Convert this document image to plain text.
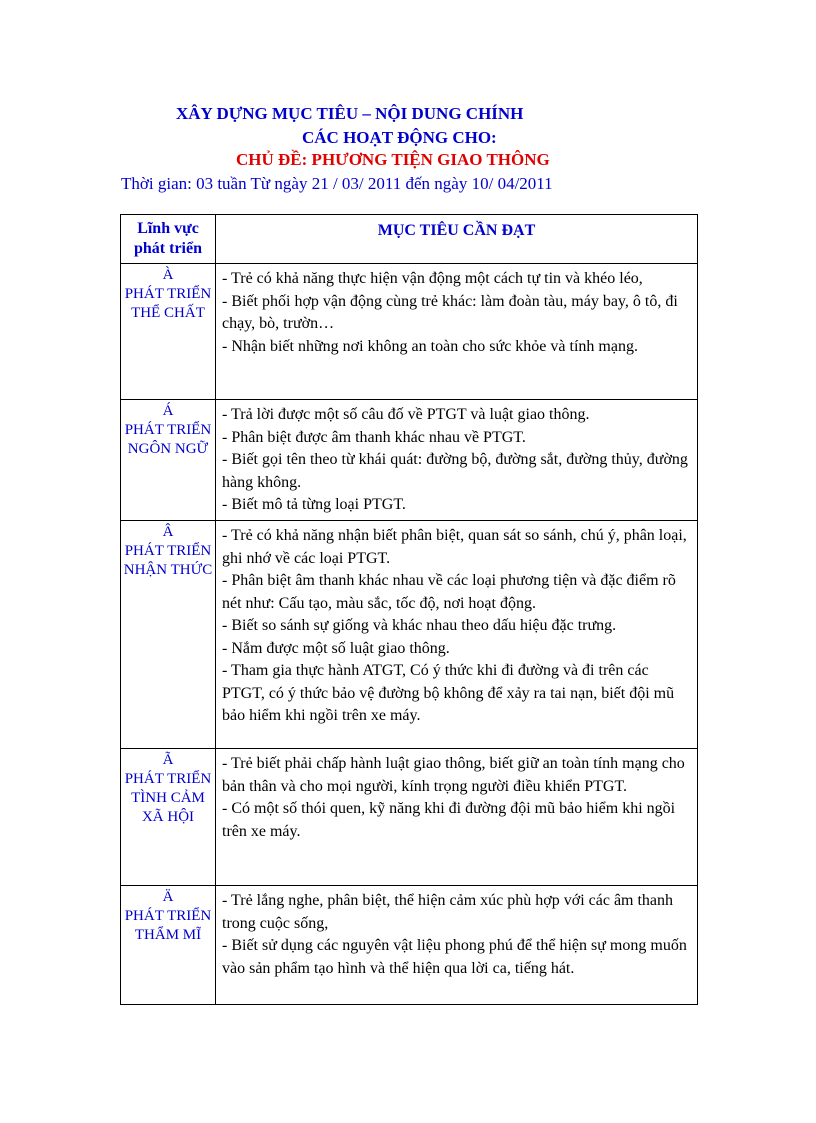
XÂY DỰNG MỤC TIÊU – NỘI DUNG CHÍNH
CÁC HOẠT ĐỘNG CHO:
CHỦ ĐỀ: PHƯƠNG TIỆN GIAO THÔNG
Thời gian: 03 tuần Từ ngày 21 / 03/ 2011 đến ngày 10/ 04/2011
Lĩnh vực phát triển	MỤC TIÊU CẦN ĐẠT

À
PHÁT TRIỂN THỂ CHẤT	- Trẻ có khả năng thực hiện vận động một cách tự tin và khéo léo,
- Biết phối hợp vận động cùng trẻ khác: làm đoàn tàu, máy bay, ô tô, đi chạy, bò, trườn…
- Nhận biết những nơi không an toàn cho sức khỏe và tính mạng.

Á
PHÁT TRIỂN NGÔN NGỮ	- Trả lời được một số câu đố về PTGT và luật giao thông.
- Phân biệt được âm thanh khác nhau về PTGT.
- Biết gọi tên theo từ khái quát: đường bộ, đường sắt, đường thủy, đường hàng không.
- Biết mô tả từng loại PTGT.

Â
PHÁT TRIỂN NHẬN THỨC	- Trẻ có khả năng nhận biết phân biệt, quan sát so sánh, chú ý, phân loại, ghi nhớ về các loại PTGT.
- Phân biệt âm thanh khác nhau về các loại phương tiện và đặc điểm rõ nét như: Cấu tạo, màu sắc, tốc độ, nơi hoạt động.
- Biết so sánh sự giống và khác nhau theo dấu hiệu đặc trưng.
- Nắm được một số luật giao thông.
- Tham gia thực hành ATGT, Có ý thức khi đi đường và đi trên các PTGT, có ý thức bảo vệ đường bộ không để xảy ra tai nạn, biết đội mũ bảo hiểm khi ngồi trên xe máy.

Ã
PHÁT TRIỂN TÌNH CẢM XÃ HỘI	- Trẻ biết phải chấp hành luật giao thông, biết giữ an toàn tính mạng cho bản thân và cho mọi người, kính trọng người điều khiển PTGT.
- Có một số thói quen, kỹ năng khi đi đường đội mũ bảo hiểm khi ngồi trên xe máy.

Ä
PHÁT TRIỂN THẨM MĨ	- Trẻ lắng nghe, phân biệt, thể hiện cảm xúc phù hợp với các âm thanh trong cuộc sống,
- Biết sử dụng các nguyên vật liệu phong phú để thể hiện sự mong muốn vào sản phẩm tạo hình và thể hiện qua lời ca, tiếng hát.
